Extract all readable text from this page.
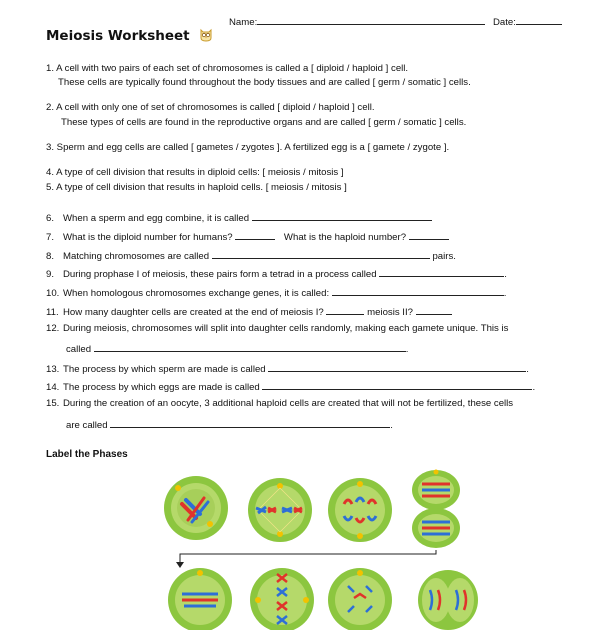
Name:	Date:
Meiosis Worksheet
1. A cell with two pairs of each set of chromosomes is called a [ diploid / haploid ] cell.
These cells are typically found throughout the body tissues and are called [ germ / somatic ] cells.
2. A cell with only one of set of chromosomes is called [ diploid / haploid ] cell.
These types of cells are found in the reproductive organs and are called [ germ / somatic ] cells.
3. Sperm and egg cells are called [ gametes / zygotes ]. A fertilized egg is a [ gamete / zygote ].
4. A type of cell division that results in diploid cells: [ meiosis / mitosis ]
5. A type of cell division that results in haploid cells. [ meiosis / mitosis ]
6. When a sperm and egg combine, it is called
7. What is the diploid number for humans?	What is the haploid number?
8. Matching chromosomes are called	pairs.
9. During prophase I of meiosis, these pairs form a tetrad in a process called	.
10. When homologous chromosomes exchange genes, it is called:	.
11. How many daughter cells are created at the end of meiosis I?	meiosis II?
12. During meiosis, chromosomes will split into daughter cells randomly, making each gamete unique. This is
called	.
13. The process by which sperm are made is called	.
14. The process by which eggs are made is called	.
15. During the creation of an oocyte, 3 additional haploid cells are created that will not be fertilized, these cells
are called	.
Label the Phases
